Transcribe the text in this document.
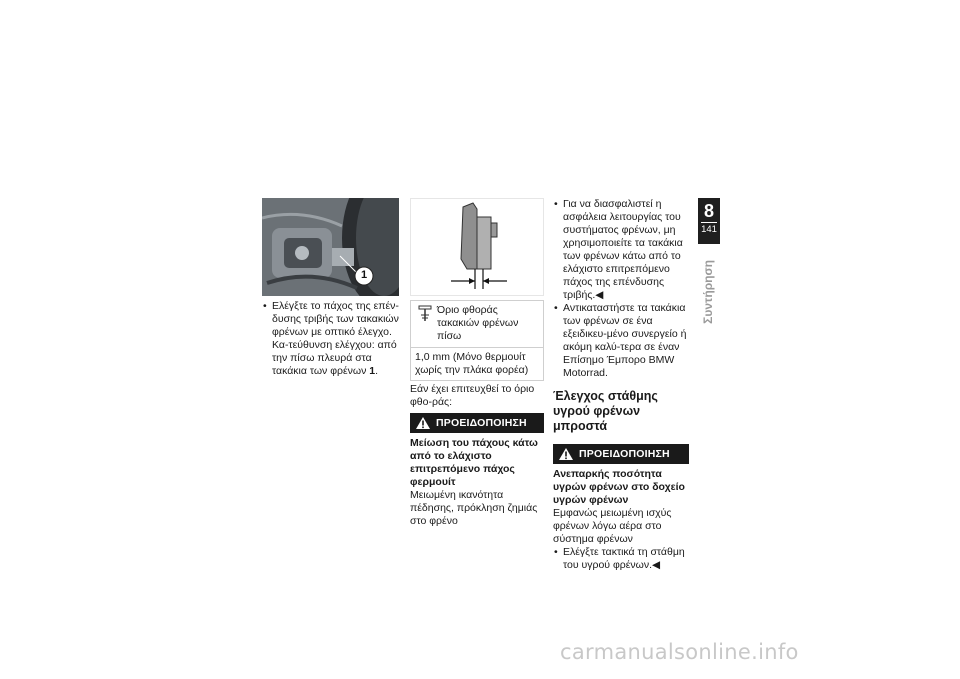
1
• Ελέγξτε το πάχος της επέν-δυσης τριβής των τακακιών φρένων με οπτικό έλεγχο. Κα-τεύθυνση ελέγχου: από την πίσω πλευρά στα τακάκια των φρένων 1.
Όριο φθοράς τακακιών φρένων πίσω
1,0 mm (Μόνο θερμουίτ χωρίς την πλάκα φορέα)
Εάν έχει επιτευχθεί το όριο φθο-ράς:
ΠΡΟΕΙΔΟΠΟΙΗΣΗ
Μείωση του πάχους κάτω από το ελάχιστο επιτρεπόμενο πάχος φερμουίτ
Μειωμένη ικανότητα πέδησης, πρόκληση ζημιάς στο φρένο
• Για να διασφαλιστεί η ασφάλεια λειτουργίας του συστήματος φρένων, μη χρησιμοποιείτε τα τακάκια των φρένων κάτω από το ελάχιστο επιτρεπόμενο πάχος της επένδυσης τριβής.◀
• Αντικαταστήστε τα τακάκια των φρένων σε ένα εξειδικευ-μένο συνεργείο ή ακόμη καλύ-τερα σε έναν Επίσημο Έμπορο BMW Motorrad.
Έλεγχος στάθμης υγρού φρένων μπροστά
ΠΡΟΕΙΔΟΠΟΙΗΣΗ
Ανεπαρκής ποσότητα υγρών φρένων στο δοχείο υγρών φρένων
Εμφανώς μειωμένη ισχύς φρένων λόγω αέρα στο σύστημα φρένων
• Ελέγξτε τακτικά τη στάθμη του υγρού φρένων.◀
8
141
Συντήρηση
carmanualsonline.info
